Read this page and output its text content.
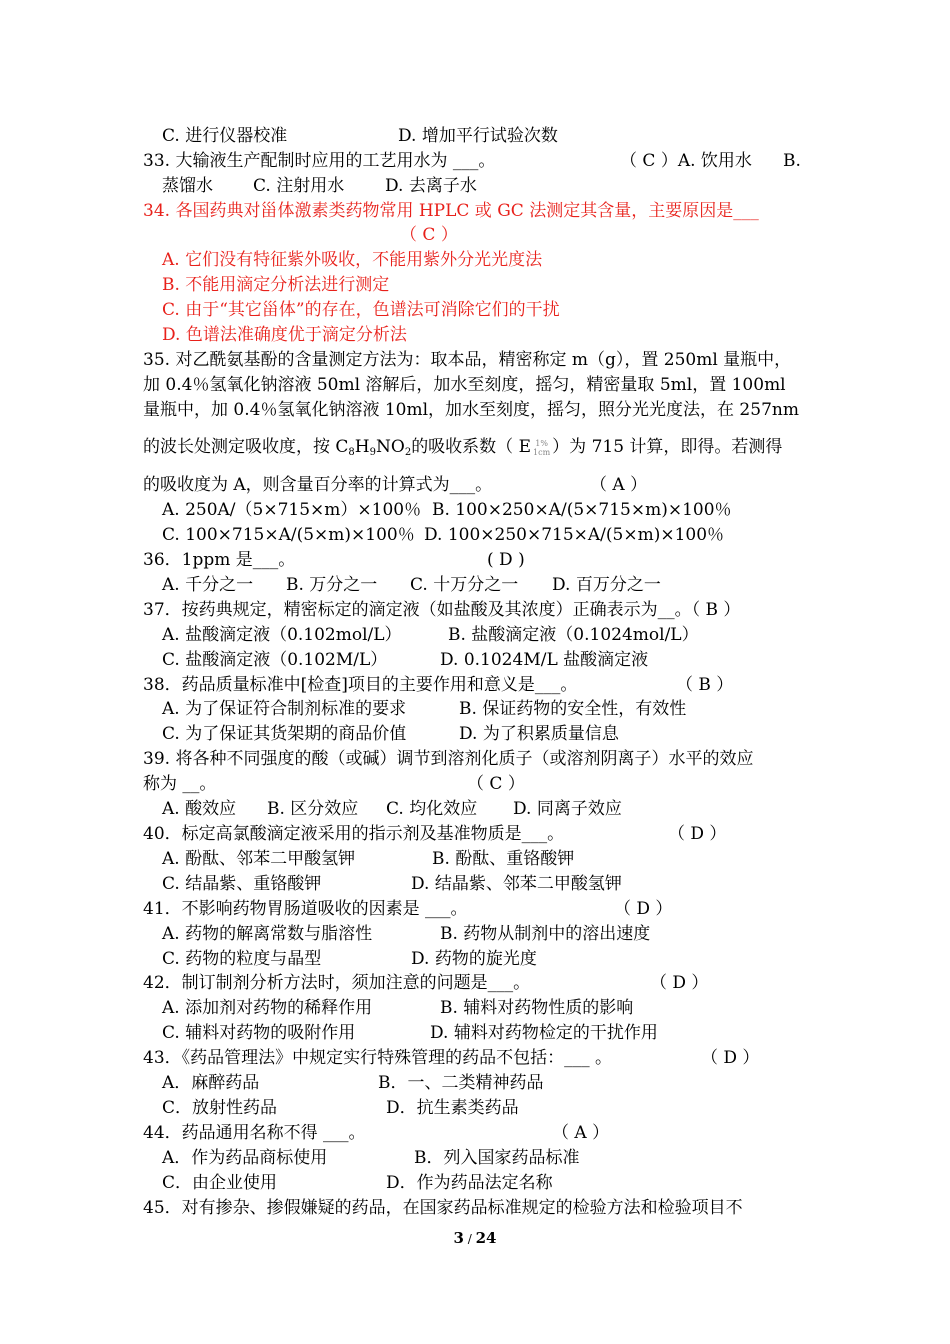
C. 进行仪器校准	D. 增加平行试验次数
33. 大输液生产配制时应用的工艺用水为 ___。	（ C ）A. 饮用水 B.
蒸馏水 C. 注射用水 D. 去离子水
34. 各国药典对甾体激素类药物常用 HPLC 或 GC 法测定其含量，主要原因是___
（ C ）
A. 它们没有特征紫外吸收，不能用紫外分光光度法
B. 不能用滴定分析法进行测定
C. 由于“其它甾体”的存在，色谱法可消除它们的干扰
D. 色谱法准确度优于滴定分析法
35. 对乙酰氨基酚的含量测定方法为：取本品，精密称定 m（g），置 250ml 量瓶中，
加 0.4％氢氧化钠溶液 50ml 溶解后，加水至刻度，摇匀，精密量取 5ml，置 100ml
量瓶中，加 0.4％氢氧化钠溶液 10ml，加水至刻度，摇匀，照分光光度法，在 257nm
的吸收度为 A，则含量百分率的计算式为___。	（ A ）
A. 250A/（5×715×m）×100％ B. 100×250×A/(5×715×m)×100％
C. 100×715×A/(5×m)×100％ D. 100×250×715×A/(5×m)×100％
36．1ppm 是___。	( D )
A. 千分之一 B. 万分之一 C. 十万分之一 D. 百万分之一
37．按药典规定，精密标定的滴定液（如盐酸及其浓度）正确表示为__。（ B ）
A. 盐酸滴定液（0.102mol/L）	B. 盐酸滴定液（0.1024mol/L）
C. 盐酸滴定液（0.102M/L）	D. 0.1024M/L 盐酸滴定液
38．药品质量标准中[检查]项目的主要作用和意义是___。	（ B ）
A. 为了保证符合制剂标准的要求	B. 保证药物的安全性，有效性
C. 为了保证其货架期的商品价值	D. 为了积累质量信息
39. 将各种不同强度的酸（或碱）调节到溶剂化质子（或溶剂阴离子）水平的效应
称为 __。	（ C ）
A. 酸效应 B. 区分效应 C. 均化效应 D. 同离子效应
40．标定高氯酸滴定液采用的指示剂及基准物质是___。	（ D ）
A. 酚酞、邻苯二甲酸氢钾	B. 酚酞、重铬酸钾
C. 结晶紫、重铬酸钾	D. 结晶紫、邻苯二甲酸氢钾
41．不影响药物胃肠道吸收的因素是 ___。	（ D ）
A. 药物的解离常数与脂溶性	B. 药物从制剂中的溶出速度
C. 药物的粒度与晶型	D. 药物的旋光度
42．制订制剂分析方法时，须加注意的问题是___。	（ D ）
A. 添加剂对药物的稀释作用	B. 辅料对药物性质的影响
C. 辅料对药物的吸附作用	D. 辅料对药物检定的干扰作用
43．《药品管理法》中规定实行特殊管理的药品不包括：___ 。	（ D ）
A．麻醉药品	B．一、二类精神药品
C．放射性药品	D．抗生素类药品
44．药品通用名称不得 ___。	（ A ）
A．作为药品商标使用	B．列入国家药品标准
C．由企业使用	D．作为药品法定名称
45．对有掺杂、掺假嫌疑的药品，在国家药品标准规定的检验方法和检验项目不
的波长处测定吸收度，按 $C_8H_9NO_2$的吸收系数（ E 1%
1cm ）为 715 计算，即得。若测得
3 / 24
